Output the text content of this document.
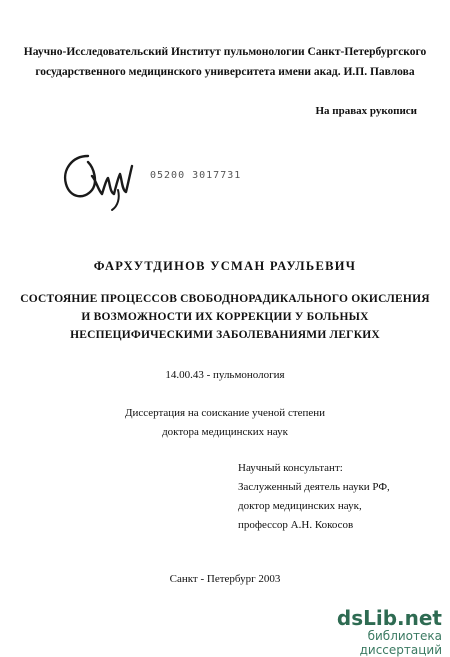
Научно-Исследовательский Институт пульмонологии Санкт-Петербургского
государственного медицинского университета имени акад. И.П. Павлова
На правах рукописи
05200 3017731
ФАРХУТДИНОВ УСМАН РАУЛЬЕВИЧ
СОСТОЯНИЕ ПРОЦЕССОВ СВОБОДНОРАДИКАЛЬНОГО ОКИСЛЕНИЯ
И ВОЗМОЖНОСТИ ИХ КОРРЕКЦИИ У БОЛЬНЫХ
НЕСПЕЦИФИЧЕСКИМИ ЗАБОЛЕВАНИЯМИ ЛЕГКИХ
14.00.43 - пульмонология
Диссертация на соискание ученой степени
доктора медицинских наук
Научный консультант:
Заслуженный деятель науки РФ,
доктор медицинских наук,
профессор А.Н. Кокосов
Санкт - Петербург 2003
dsLib.net
библиотека диссертаций
